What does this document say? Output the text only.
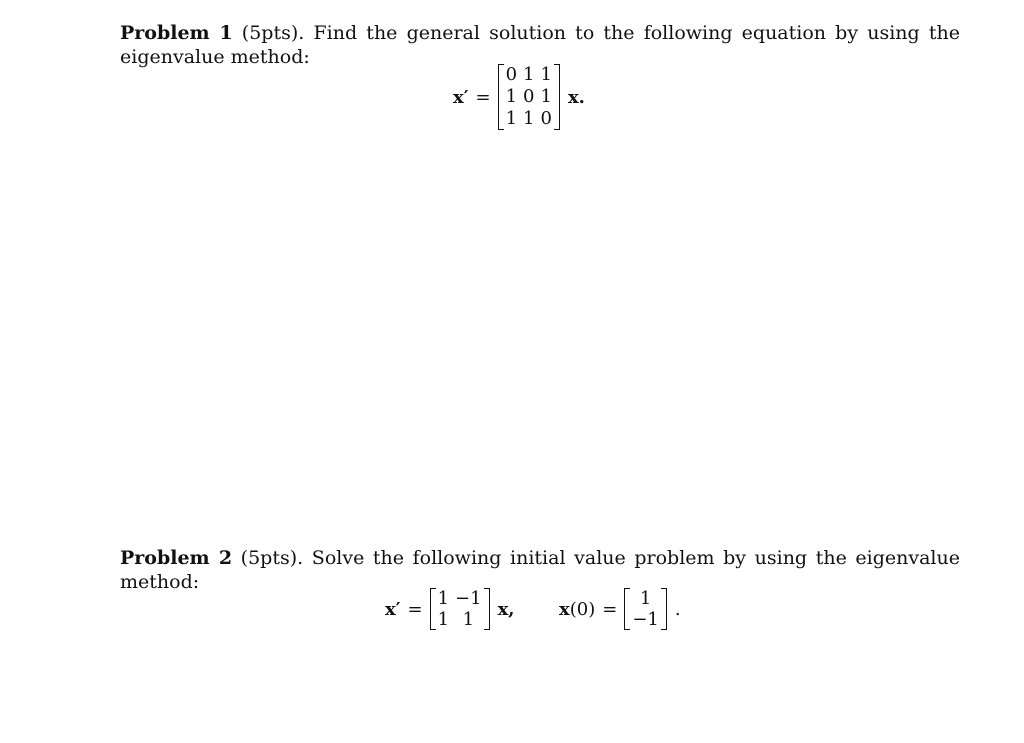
Problem 1 (5pts). Find the general solution to the following equation by using the eigenvalue method:
x′ =
0	1	1
1	0	1
1	1	0
x.
Problem 2 (5pts). Solve the following initial value problem by using the eigenvalue method:
x′ = 1	−1
1	1 x, x (0) = 1
−1 .
